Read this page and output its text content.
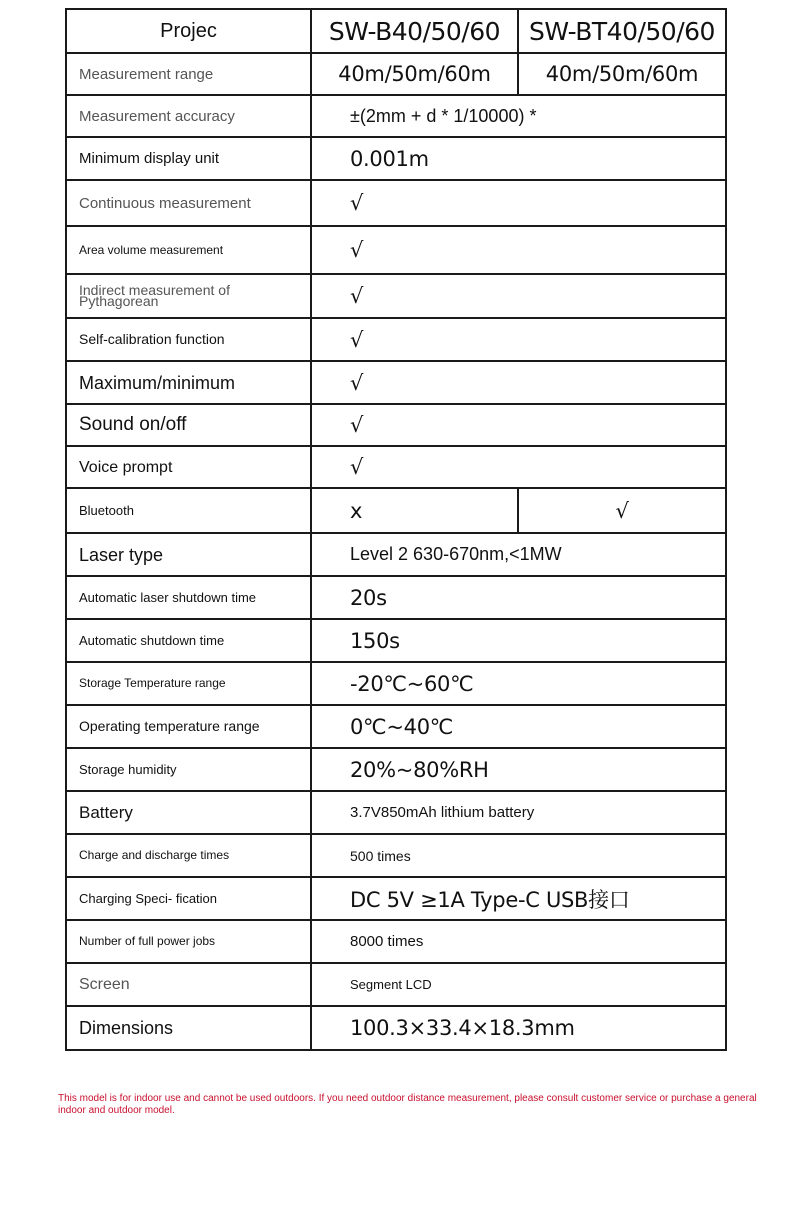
Projec	SW-B40/50/60	SW-BT40/50/60
Measurement range	40m/50m/60m	40m/50m/60m
Measurement accuracy	±(2mm + d * 1/10000) *	
Minimum display unit	0.001m	
Continuous measurement	√	
Area volume measurement	√	
Indirect measurement of Pythagorean	√	
Self-calibration function	√	
Maximum/minimum	√	
Sound on/off	√	
Voice prompt	√	
Bluetooth	x	√
Laser type	Level 2 630-670nm,<1MW	
Automatic laser shutdown time	20s	
Automatic shutdown time	150s	
Storage Temperature range	-20℃~60℃	
Operating temperature range	0℃~40℃	
Storage humidity	20%~80%RH	
Battery	3.7V850mAh lithium battery	
Charge and discharge times	500 times	
Charging Speci- fication	DC 5V ≥1A Type-C USB接口	
Number of full power jobs	8000 times	
Screen	Segment LCD	
Dimensions	100.3×33.4×18.3mm	
This model is for indoor use and cannot be used outdoors. If you need outdoor distance measurement, please consult customer service or purchase a general indoor and outdoor model.
